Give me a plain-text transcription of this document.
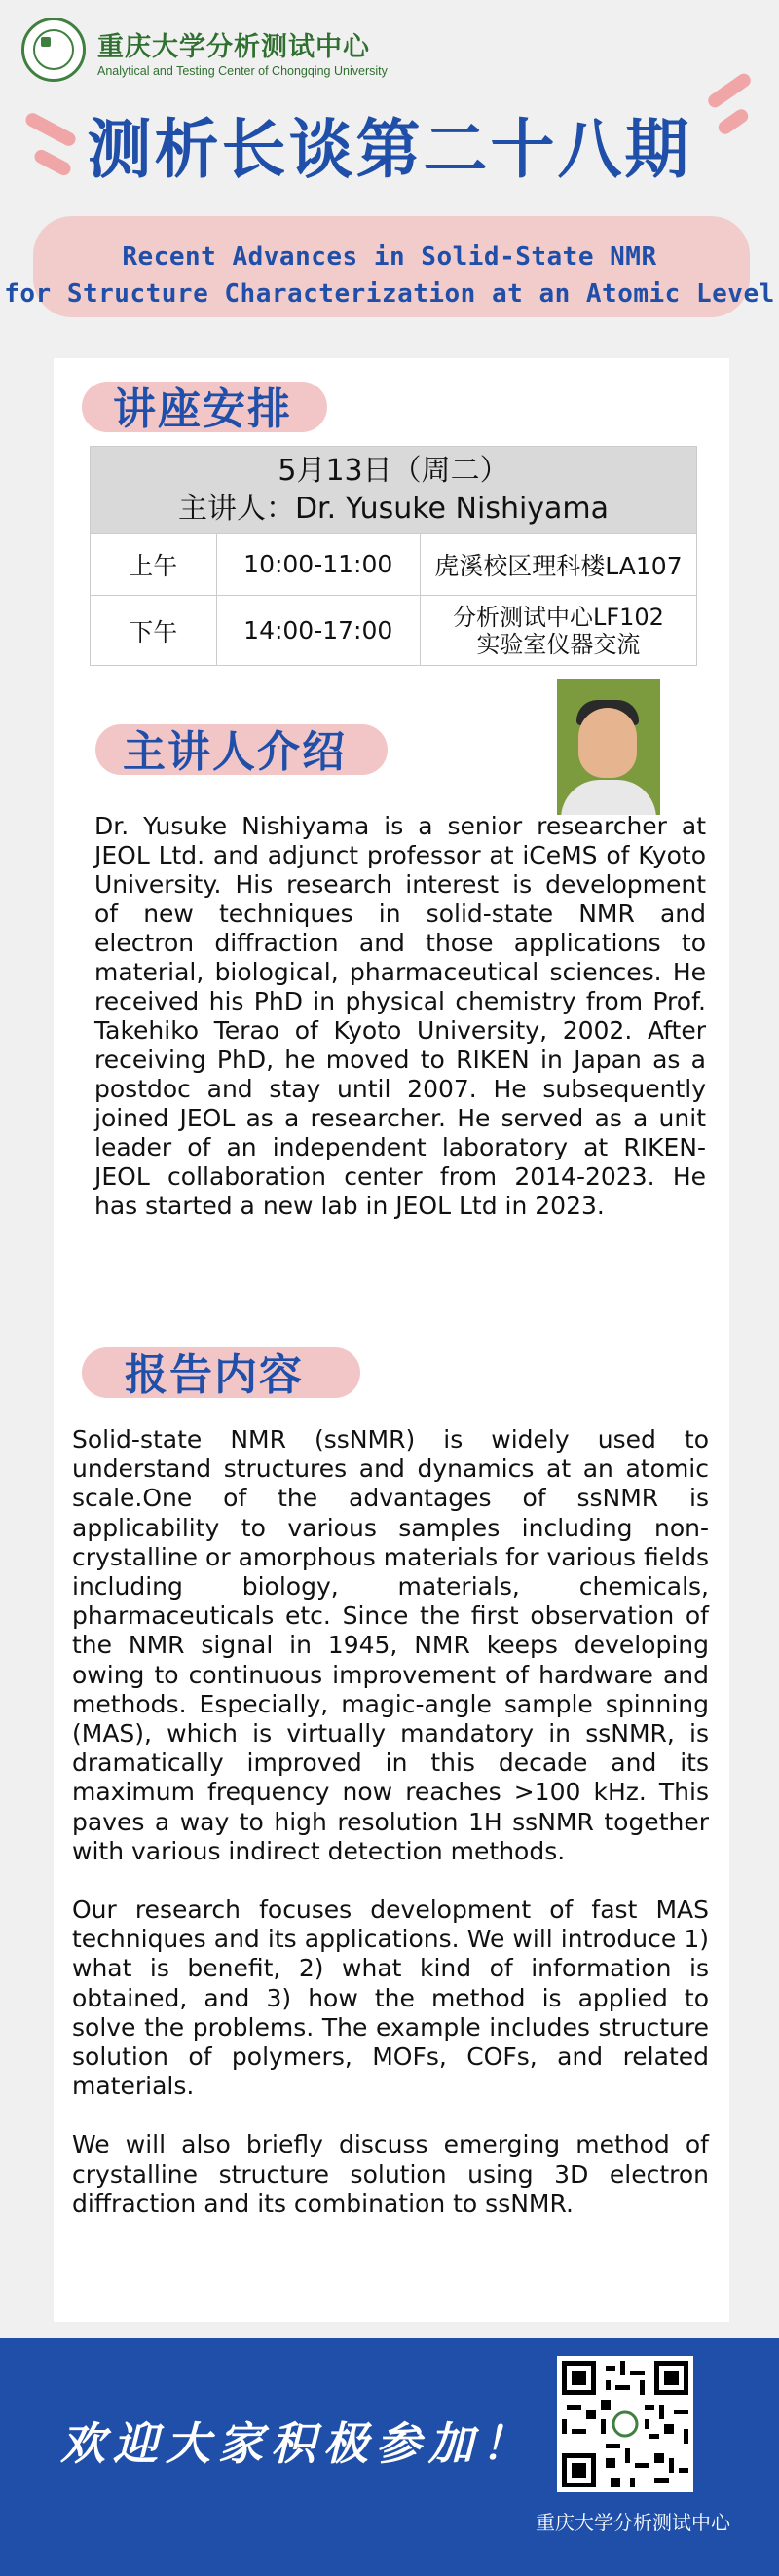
重庆大学分析测试中心
Analytical and Testing Center of Chongqing University
测析长谈第二十八期
Recent Advances in Solid-State NMR
for Structure Characterization at an Atomic Level
讲座安排
5月13日（周二）
主讲人：Dr. Yusuke Nishiyama
上午	10:00-11:00	虎溪校区理科楼LA107
下午	14:00-17:00	分析测试中心LF102
实验室仪器交流
主讲人介绍
Dr. Yusuke Nishiyama is a senior researcher at JEOL Ltd. and adjunct professor at iCeMS of Kyoto University. His research interest is development of new techniques in solid-state NMR and electron diffraction and those applications to material, biological, pharmaceutical sciences. He received his PhD in physical chemistry from Prof. Takehiko Terao of Kyoto University, 2002. After receiving PhD, he moved to RIKEN in Japan as a postdoc and stay until 2007. He subsequently joined JEOL as a researcher. He served as a unit leader of an independent laboratory at RIKEN-JEOL collaboration center from 2014-2023. He has started a new lab in JEOL Ltd in 2023.
报告内容

Solid-state NMR (ssNMR) is widely used to understand structures and dynamics at an atomic scale.One of the advantages of ssNMR is applicability to various samples including non-crystalline or amorphous materials for various fields including biology, materials, chemicals, pharmaceuticals etc. Since the first observation of the NMR signal in 1945, NMR keeps developing owing to continuous improvement of hardware and methods. Especially, magic-angle sample spinning (MAS), which is virtually mandatory in ssNMR, is dramatically improved in this decade and its maximum frequency now reaches >100 kHz. This paves a way to high resolution 1H ssNMR together with various indirect detection methods.

Our research focuses development of fast MAS techniques and its applications. We will introduce 1) what is benefit, 2) what kind of information is obtained, and 3) how the method is applied to solve the problems. The example includes structure solution of polymers, MOFs, COFs, and related materials.

We will also briefly discuss emerging method of crystalline structure solution using 3D electron diffraction and its combination to ssNMR.

欢迎大家积极参加！
重庆大学分析测试中心
